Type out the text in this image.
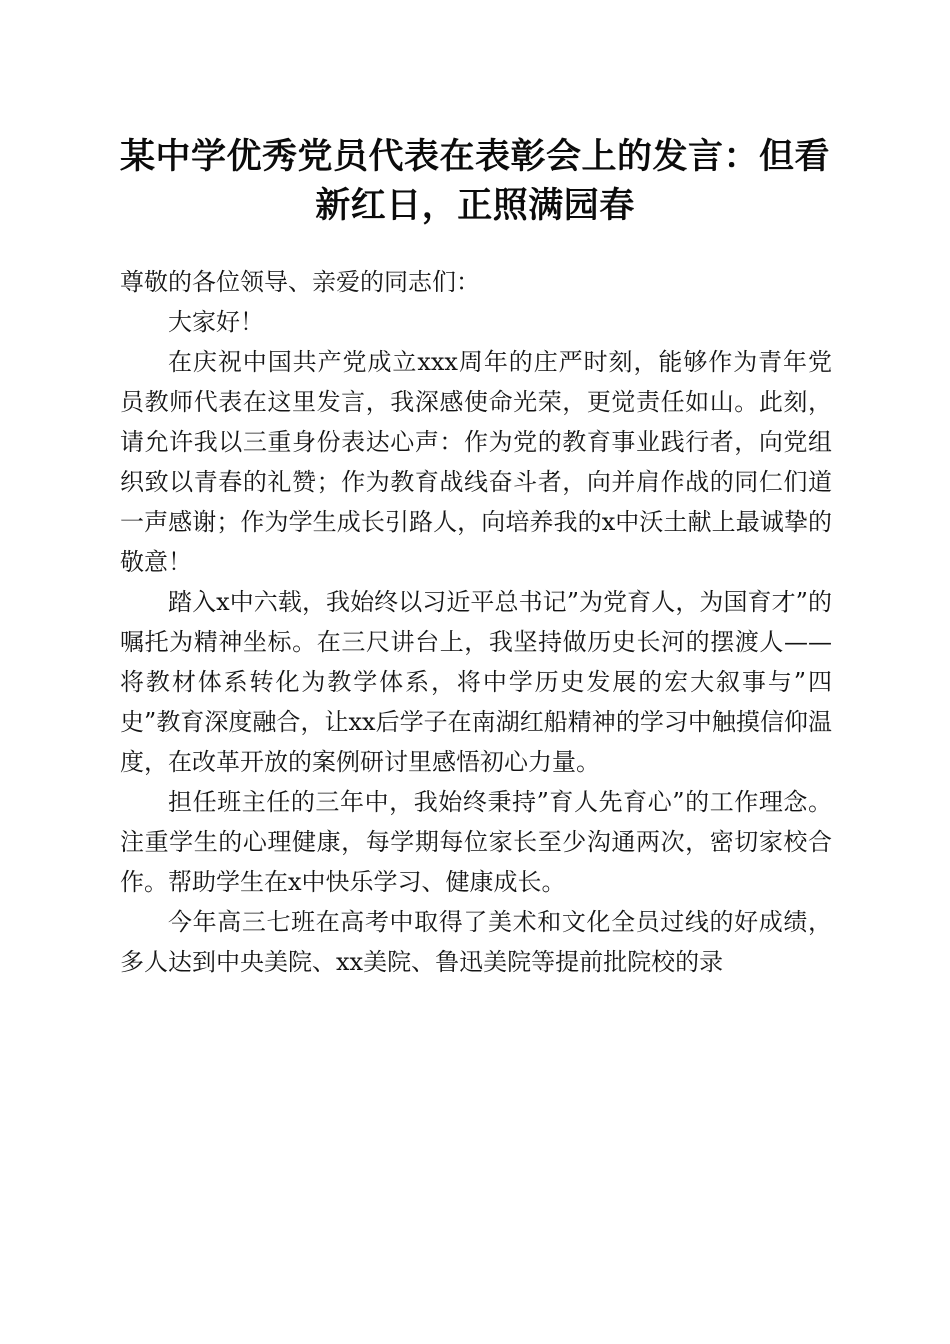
某中学优秀党员代表在表彰会上的发言：但看新红日，正照满园春

尊敬的各位领导、亲爱的同志们：

大家好！

在庆祝中国共产党成立xxx周年的庄严时刻，能够作为青年党员教师代表在这里发言，我深感使命光荣，更觉责任如山。此刻，请允许我以三重身份表达心声：作为党的教育事业践行者，向党组织致以青春的礼赞；作为教育战线奋斗者，向并肩作战的同仁们道一声感谢；作为学生成长引路人，向培养我的x中沃土献上最诚挚的敬意！

踏入x中六载，我始终以习近平总书记”为党育人，为国育才”的嘱托为精神坐标。在三尺讲台上，我坚持做历史长河的摆渡人——将教材体系转化为教学体系，将中学历史发展的宏大叙事与”四史”教育深度融合，让xx后学子在南湖红船精神的学习中触摸信仰温度，在改革开放的案例研讨里感悟初心力量。

担任班主任的三年中，我始终秉持”育人先育心”的工作理念。注重学生的心理健康，每学期每位家长至少沟通两次，密切家校合作。帮助学生在x中快乐学习、健康成长。

今年高三七班在高考中取得了美术和文化全员过线的好成绩，多人达到中央美院、xx美院、鲁迅美院等提前批院校的录
